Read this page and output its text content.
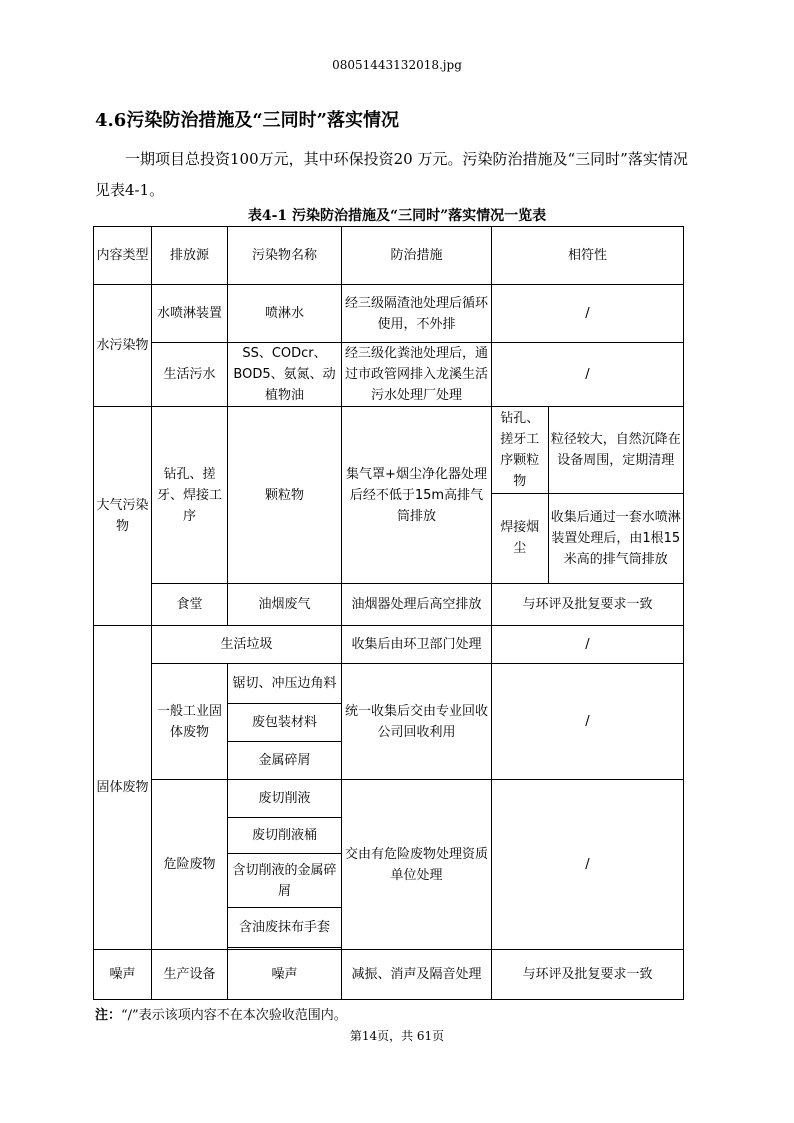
08051443132018.jpg
4.6污染防治措施及“三同时”落实情况
一期项目总投资100万元，其中环保投资20 万元。污染防治措施及“三同时”落实情况见表4-1。
表4-1 污染防治措施及“三同时”落实情况一览表
内容类型	排放源	污染物名称	防治措施	相符性
水污染物	水喷淋装置	喷淋水	经三级隔渣池处理后循环使用，不外排	/
生活污水	SS、CODcr、BOD5、氨氮、动植物油	经三级化粪池处理后，通过市政管网排入龙溪生活污水处理厂处理	/
大气污染物	钻孔、搓牙、焊接工序	颗粒物	集气罩+烟尘净化器处理后经不低于15m高排气筒排放	
钻孔、搓牙工序颗粒物	粒径较大，自然沉降在设备周围，定期清理
焊接烟尘	收集后通过一套水喷淋装置处理后，由1根15米高的排气筒排放

食堂	油烟废气	油烟器处理后高空排放	与环评及批复要求一致
固体废物	生活垃圾	收集后由环卫部门处理	/
一般工业固体废物	锯切、冲压边角料	统一收集后交由专业回收公司回收利用	/
废包装材料
金属碎屑
危险废物	废切削液	交由有危险废物处理资质单位处理	/
废切削液桶
含切削液的金属碎屑
含油废抹布手套

噪声	生产设备	噪声	减振、消声及隔音处理	与环评及批复要求一致
注：“/”表示该项内容不在本次验收范围内。
第14页，共 61页
